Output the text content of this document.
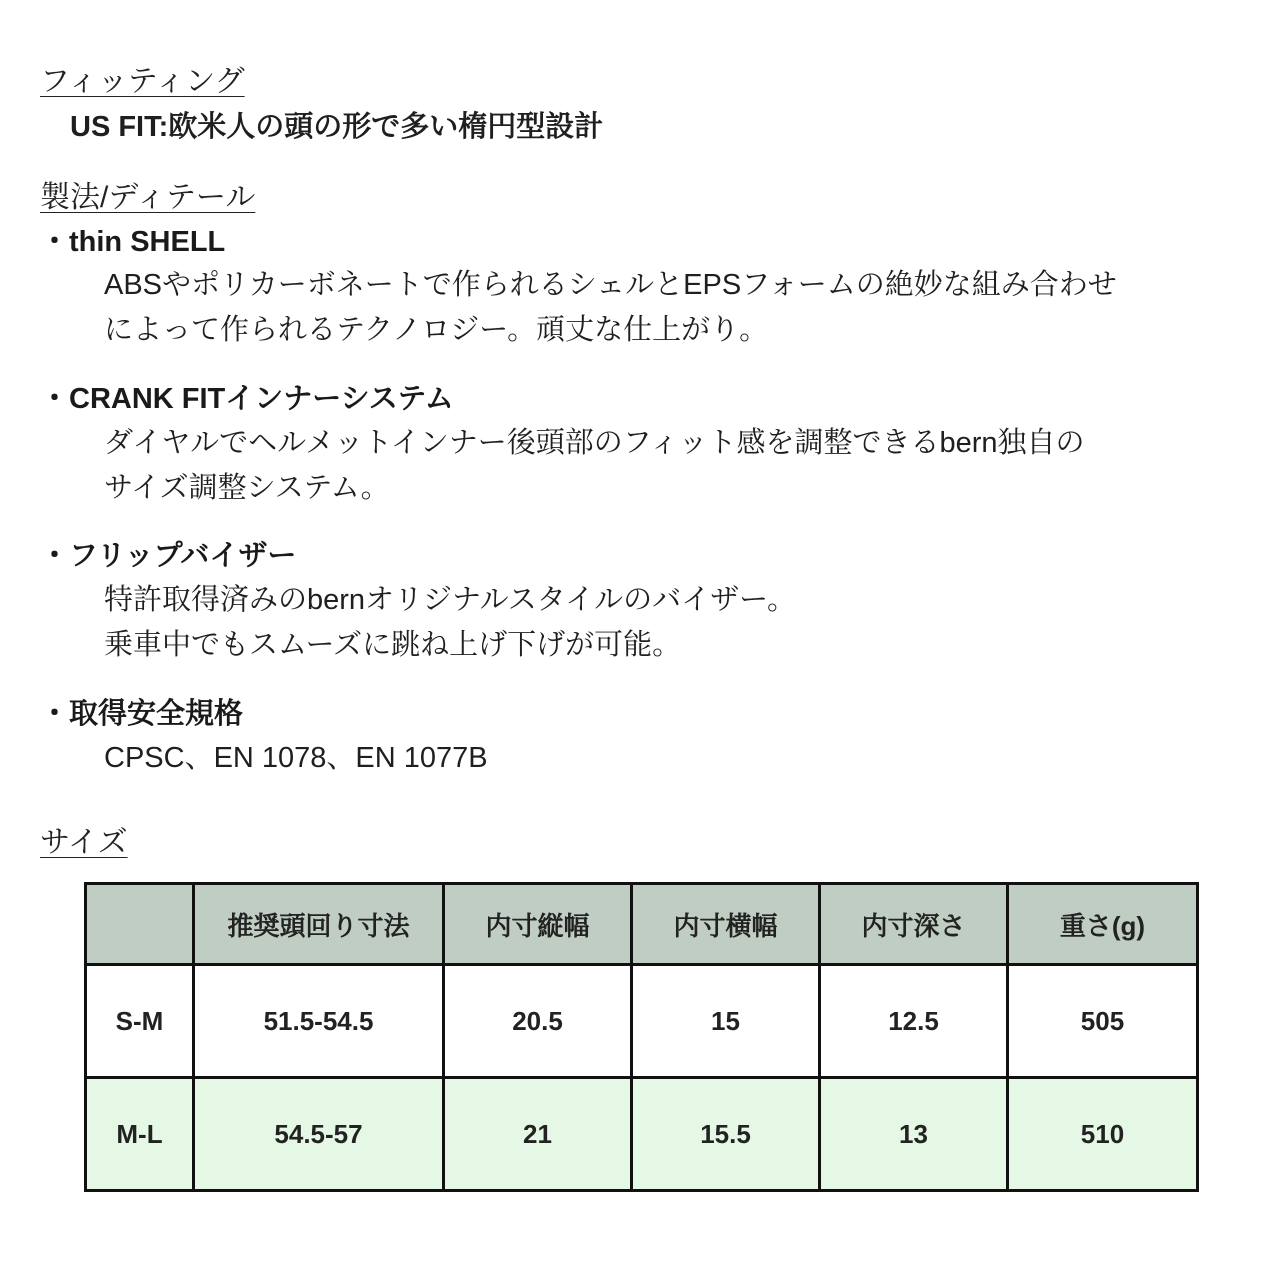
フィッティング
US FIT:欧米人の頭の形で多い楕円型設計
製法/ディテール
・thin SHELL
ABSやポリカーボネートで作られるシェルとEPSフォームの絶妙な組み合わせ
によって作られるテクノロジー。頑丈な仕上がり。
・CRANK FITインナーシステム
ダイヤルでヘルメットインナー後頭部のフィット感を調整できるbern独自の
サイズ調整システム。
・フリップバイザー
特許取得済みのbernオリジナルスタイルのバイザー。
乗車中でもスムーズに跳ね上げ下げが可能。
・取得安全規格
CPSC、EN 1078、EN 1077B
サイズ
	推奨頭回り寸法	内寸縦幅	内寸横幅	内寸深さ	重さ(g)
S-M	51.5-54.5	20.5	15	12.5	505
M-L	54.5-57	21	15.5	13	510
